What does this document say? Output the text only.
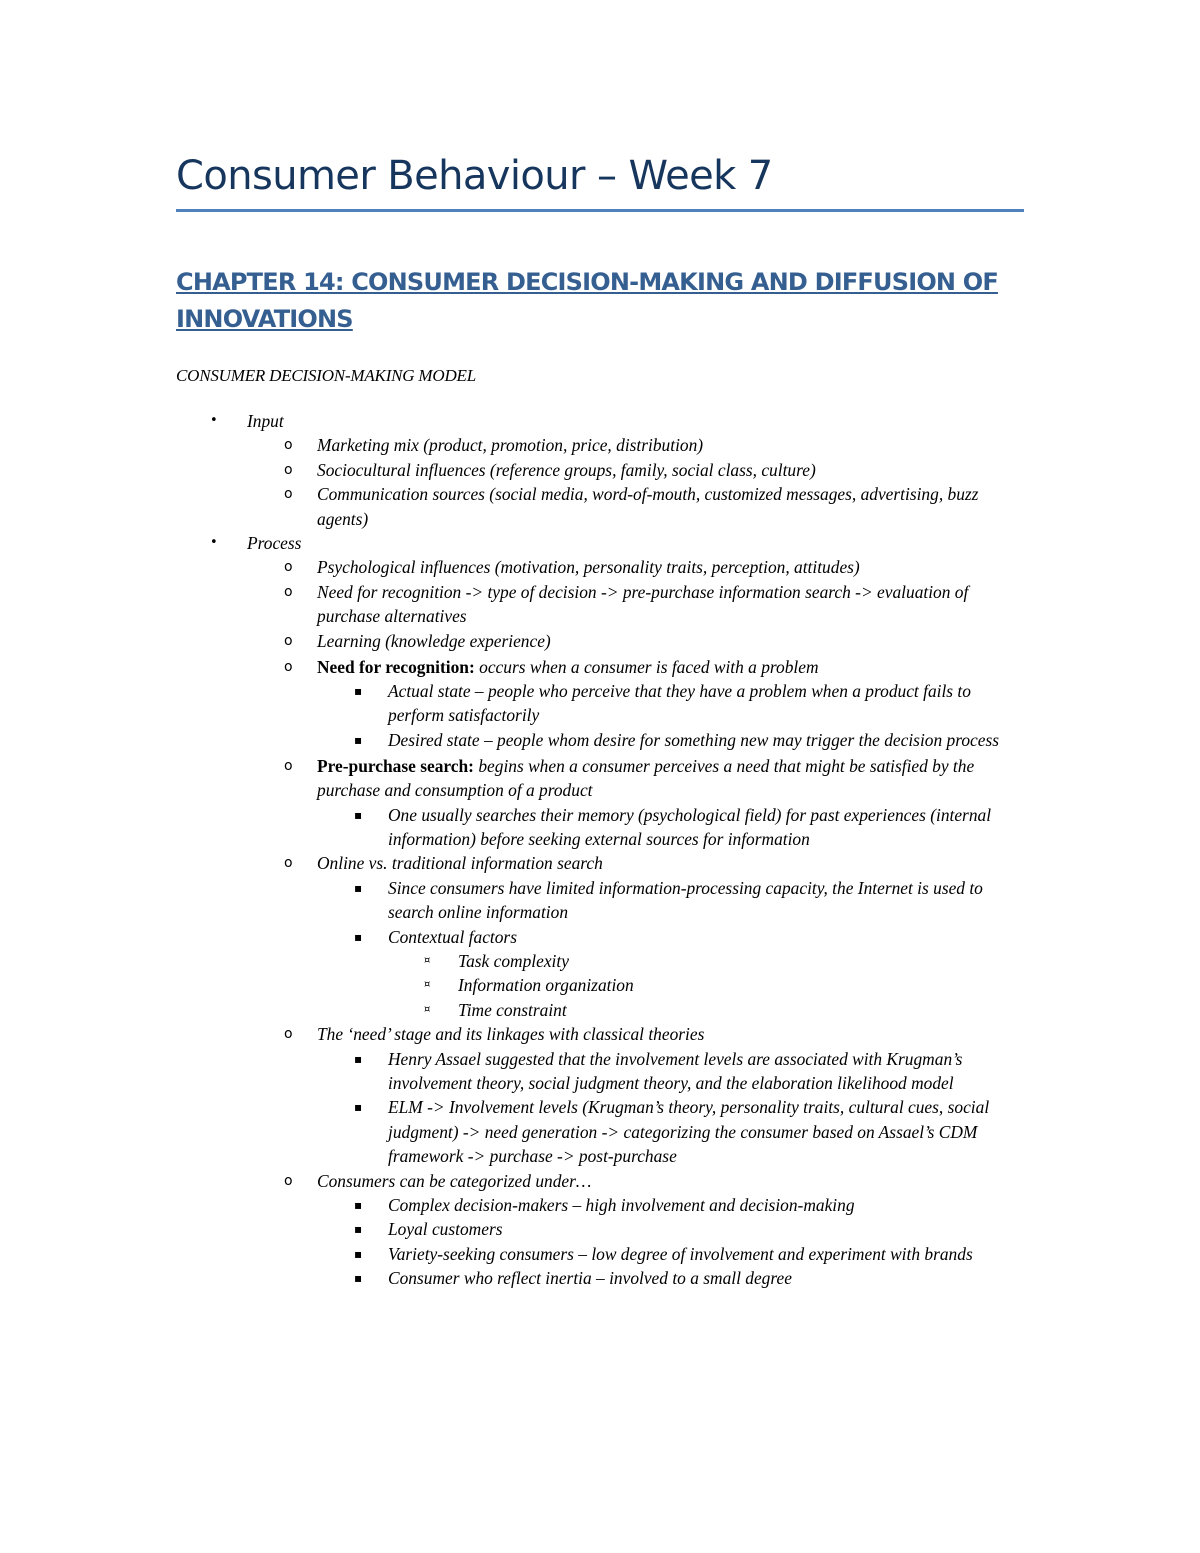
Consumer Behaviour – Week 7
CHAPTER 14: CONSUMER DECISION-MAKING AND DIFFUSION OF INNOVATIONS
CONSUMER DECISION-MAKING MODEL
• Input
o Marketing mix (product, promotion, price, distribution)
o Sociocultural influences (reference groups, family, social class, culture)
o Communication sources (social media, word-of-mouth, customized messages, advertising, buzz agents)
• Process
o Psychological influences (motivation, personality traits, perception, attitudes)
o Need for recognition -> type of decision -> pre-purchase information search -> evaluation of purchase alternatives
o Learning (knowledge experience)
o Need for recognition: occurs when a consumer is faced with a problem
▪ Actual state – people who perceive that they have a problem when a product fails to perform satisfactorily
▪ Desired state – people whom desire for something new may trigger the decision process
o Pre-purchase search: begins when a consumer perceives a need that might be satisfied by the purchase and consumption of a product
▪ One usually searches their memory (psychological field) for past experiences (internal information) before seeking external sources for information
o Online vs. traditional information search
▪ Since consumers have limited information-processing capacity, the Internet is used to search online information
▪ Contextual factors
¤ Task complexity
¤ Information organization
¤ Time constraint
o The ‘need’ stage and its linkages with classical theories
▪ Henry Assael suggested that the involvement levels are associated with Krugman’s involvement theory, social judgment theory, and the elaboration likelihood model
▪ ELM -> Involvement levels (Krugman’s theory, personality traits, cultural cues, social judgment) -> need generation -> categorizing the consumer based on Assael’s CDM framework -> purchase -> post-purchase
o Consumers can be categorized under…
▪ Complex decision-makers – high involvement and decision-making
▪ Loyal customers
▪ Variety-seeking consumers – low degree of involvement and experiment with brands
▪ Consumer who reflect inertia – involved to a small degree
